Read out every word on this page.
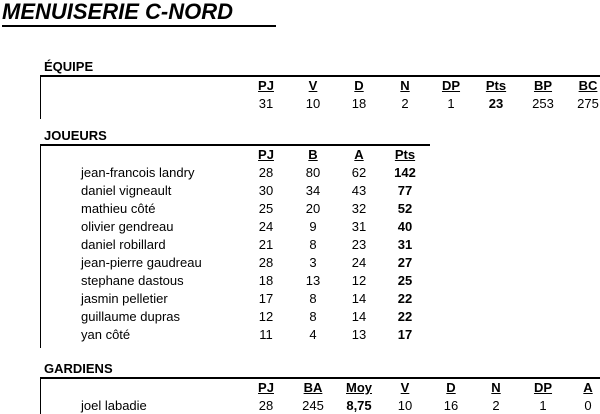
MENUISERIE C-NORD
ÉQUIPE
PJ	V	D	N DP Pts BP BC
31	10 18	2	1	23 253 275
JOUEURS
PJ	B	A Pts
jean-francois landry	28	80 62 142
daniel vigneault	30	34 43 77
mathieu côté	25	20 32 52
olivier gendreau	24	9	31 40
daniel robillard	21	8	23 31
jean-pierre gaudreau	28	3	24 27
stephane dastous	18	13 12 25
jasmin pelletier	17	8	14 22
guillaume dupras	12	8	14 22
yan côté	11	4	13 17
GARDIENS
PJ BA Moy V	D	N	DP A
joel labadie	28 245 8,75 10 16	2	1	0
